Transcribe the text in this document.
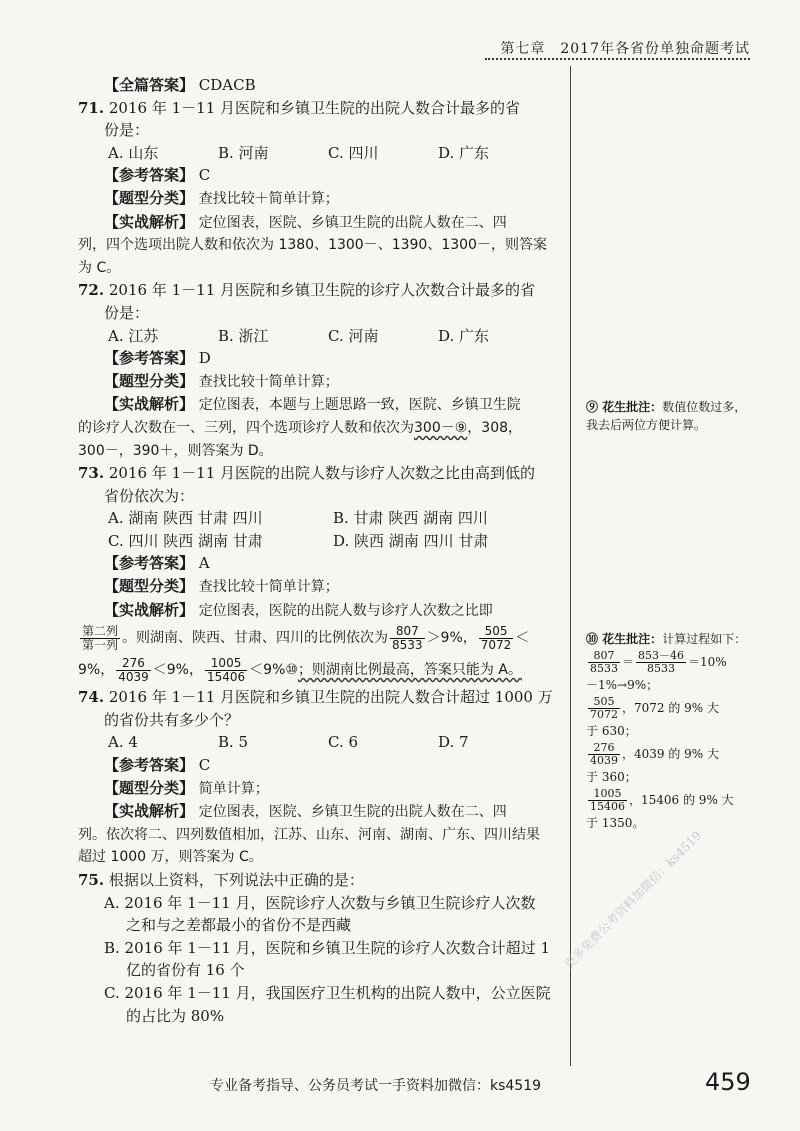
第七章　2017年各省份单独命题考试
【全篇答案】 CDACB
71. 2016 年 1－11 月医院和乡镇卫生院的出院人数合计最多的省
份是：
A. 山东	B. 河南	C. 四川	D. 广东
【参考答案】 C
【题型分类】 查找比较＋简单计算；
【实战解析】 定位图表，医院、乡镇卫生院的出院人数在二、四
列，四个选项出院人数和依次为 1380、1300－、1390、1300－，则答案
为 C。
72. 2016 年 1－11 月医院和乡镇卫生院的诊疗人次数合计最多的省
份是：
A. 江苏	B. 浙江	C. 河南	D. 广东
【参考答案】 D
【题型分类】 查找比较十简单计算；
【实战解析】 定位图表，本题与上题思路一致，医院、乡镇卫生院
的诊疗人次数在一、三列，四个选项诊疗人数和依次为300－⑨，308，
300－，390＋，则答案为 D。
73. 2016 年 1－11 月医院的出院人数与诊疗人次数之比由高到低的
省份依次为：
A. 湖南 陕西 甘肃 四川	B. 甘肃 陕西 湖南 四川
C. 四川 陕西 湖南 甘肃	D. 陕西 湖南 四川 甘肃
【参考答案】 A
【题型分类】 查找比较十简单计算；
【实战解析】 定位图表，医院的出院人数与诊疗人次数之比即
$\frac{\text{第二列}}{\text{第一列}}$ 。则湖南、陕西、甘肃、四川的比例依次为 $\frac{807}{8533} >9\%$， $\frac{505}{7072}$ ＜
9%， $\frac{276}{4039} <9\%$， $\frac{1005}{15406}$ ＜9%⑩；则湖南比例最高，答案只能为 A。
74. 2016 年 1－11 月医院和乡镇卫生院的出院人数合计超过 1000 万
的省份共有多少个？
A. 4	B. 5	C. 6	D. 7
【参考答案】 C
【题型分类】 简单计算；
【实战解析】 定位图表，医院、乡镇卫生院的出院人数在二、四
列。依次将二、四列数值相加，江苏、山东、河南、湖南、广东、四川结果
超过 1000 万，则答案为 C。
75. 根据以上资料，下列说法中正确的是：
A. 2016 年 1－11 月，医院诊疗人次数与乡镇卫生院诊疗人次数
之和与之差都最小的省份不是西藏
B. 2016 年 1－11 月，医院和乡镇卫生院的诊疗人次数合计超过 1
亿的省份有 16 个
C. 2016 年 1－11 月，我国医疗卫生机构的出院人数中，公立医院
的占比为 80%
⑨ 花生批注：数值位数过多，
我去后两位方便计算。
⑩ 花生批注：计算过程如下：
$\frac{807}{8533} = \frac{853-46}{8533} =10\%$
－1%→9%；
$\frac{505}{7072}$ ，7072 的 9% 大
于 630；
$\frac{276}{4039}$ ，4039 的 9% 大
于 360；
$\frac{1005}{15406}$ ，15406 的 9% 大
于 1350。
更多免费公考资料加微信：ks4519
专业备考指导、公务员考试一手资料加微信：ks4519	459
